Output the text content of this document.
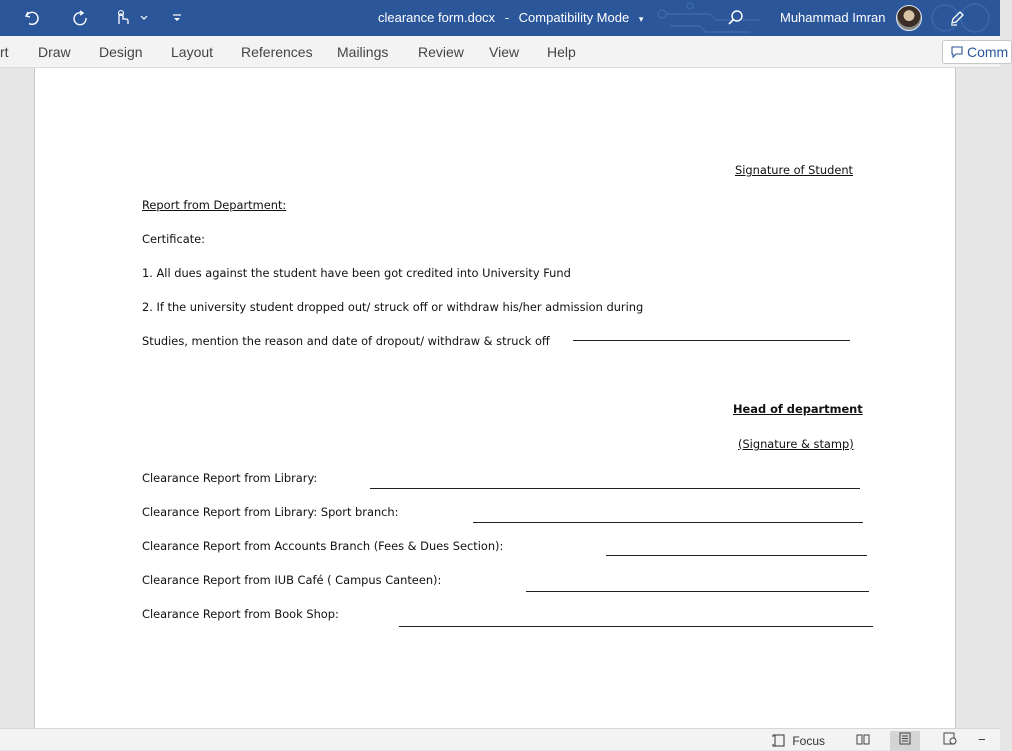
clearance form.docx - Compatibility Mode ▾	Muhammad Imran
rt Draw Design Layout References Mailings Review View Help	Comm
Signature of Student
Report from Department:
Certificate:
1. All dues against the student have been got credited into University Fund
2. If the university student dropped out/ struck off or withdraw his/her admission during
Studies, mention the reason and date of dropout/ withdraw & struck off
Head of department
(Signature & stamp)
Clearance Report from Library:
Clearance Report from Library: Sport branch:
Clearance Report from Accounts Branch (Fees & Dues Section):
Clearance Report from IUB Café ( Campus Canteen):
Clearance Report from Book Shop:
Focus	−
